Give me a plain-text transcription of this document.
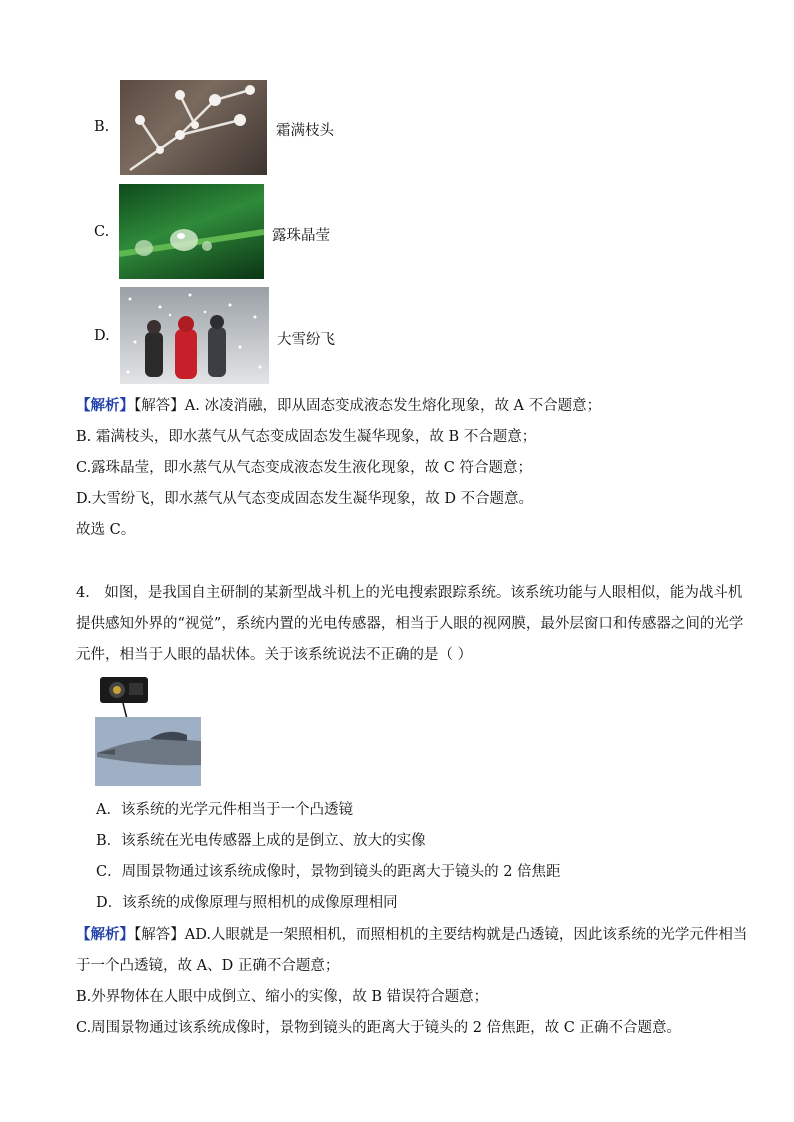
B.	霜满枝头
C.	露珠晶莹
D.	大雪纷飞
【解析】【解答】A. 冰凌消融，即从固态变成液态发生熔化现象，故 A 不合题意；
B. 霜满枝头，即水蒸气从气态变成固态发生凝华现象，故 B 不合题意；
C.露珠晶莹，即水蒸气从气态变成液态发生液化现象，故 C 符合题意；
D.大雪纷飞，即水蒸气从气态变成固态发生凝华现象，故 D 不合题意。
故选 C。
4． 如图，是我国自主研制的某新型战斗机上的光电搜索跟踪系统。该系统功能与人眼相似，能为战斗机
提供感知外界的“视觉”，系统内置的光电传感器，相当于人眼的视网膜，最外层窗口和传感器之间的光学
元件，相当于人眼的晶状体。关于该系统说法不正确的是（ ）
A．该系统的光学元件相当于一个凸透镜
B．该系统在光电传感器上成的是倒立、放大的实像
C．周围景物通过该系统成像时，景物到镜头的距离大于镜头的 2 倍焦距
D．该系统的成像原理与照相机的成像原理相同
【解析】【解答】AD.人眼就是一架照相机，而照相机的主要结构就是凸透镜，因此该系统的光学元件相当
于一个凸透镜，故 A、D 正确不合题意；
B.外界物体在人眼中成倒立、缩小的实像，故 B 错误符合题意；
C.周围景物通过该系统成像时，景物到镜头的距离大于镜头的 2 倍焦距，故 C 正确不合题意。
